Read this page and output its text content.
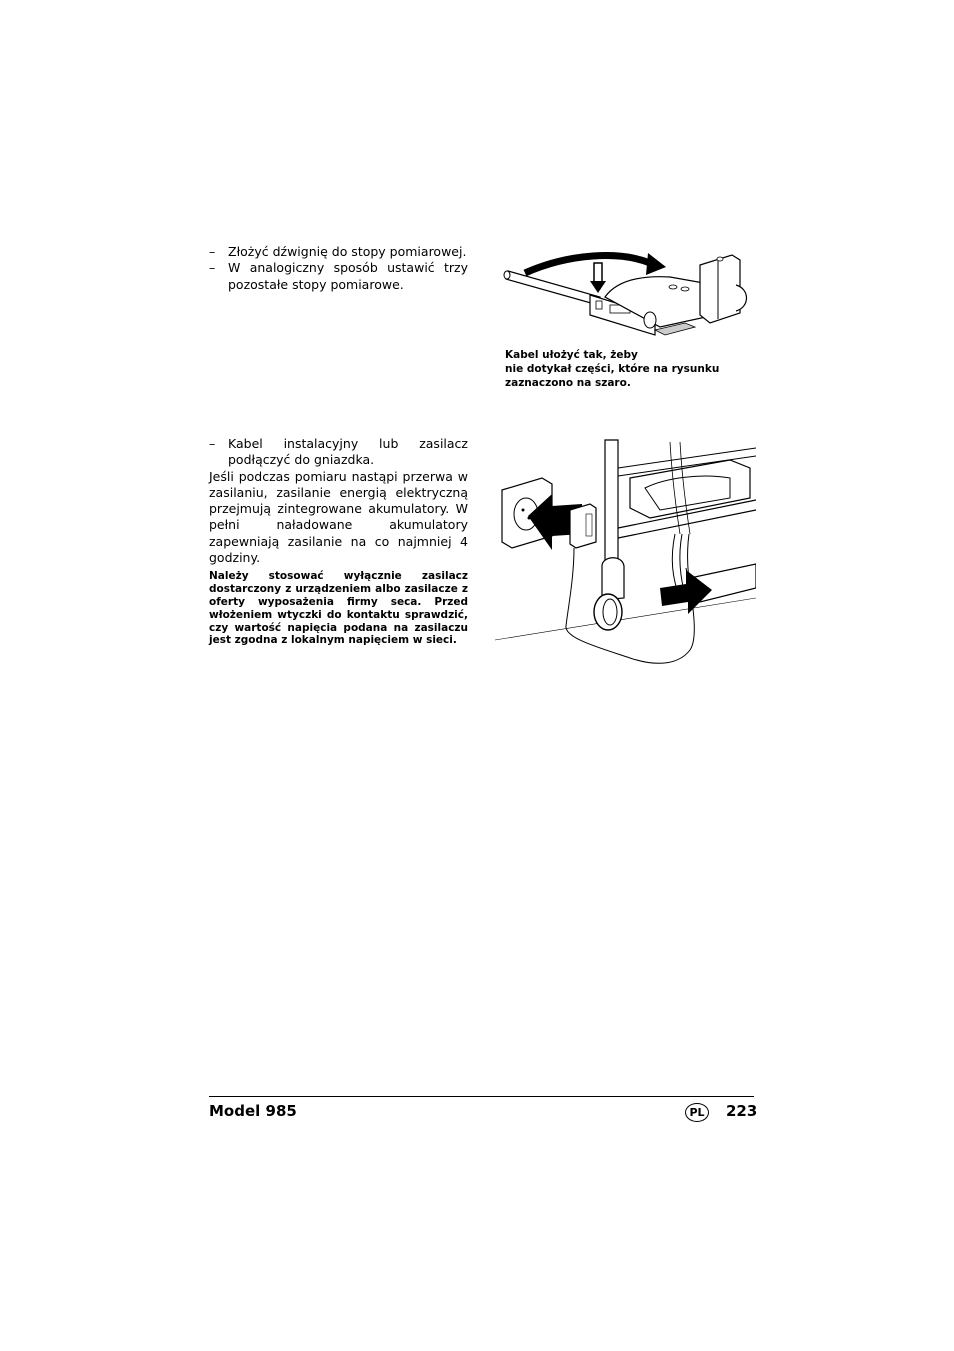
– Złożyć dźwignię do stopy pomiarowej.
– W analogiczny sposób ustawić trzy pozostałe stopy pomiarowe.
Kabel ułożyć tak, żeby
nie dotykał części, które na rysunku
zaznaczono na szaro.
– Kabel instalacyjny lub zasilacz podłączyć do gniazdka.
Jeśli podczas pomiaru nastąpi przerwa w zasilaniu, zasilanie energią elektryczną przejmują zintegrowane akumulatory. W pełni naładowane akumulatory zapewniają zasilanie na co najmniej 4 godziny.
Należy stosować wyłącznie zasilacz dostarczony z urządzeniem albo zasilacze z oferty wyposażenia firmy seca. Przed włożeniem wtyczki do kontaktu sprawdzić, czy wartość napięcia podana na zasilaczu jest zgodna z lokalnym napięciem w sieci.
Model 985	PL 223
